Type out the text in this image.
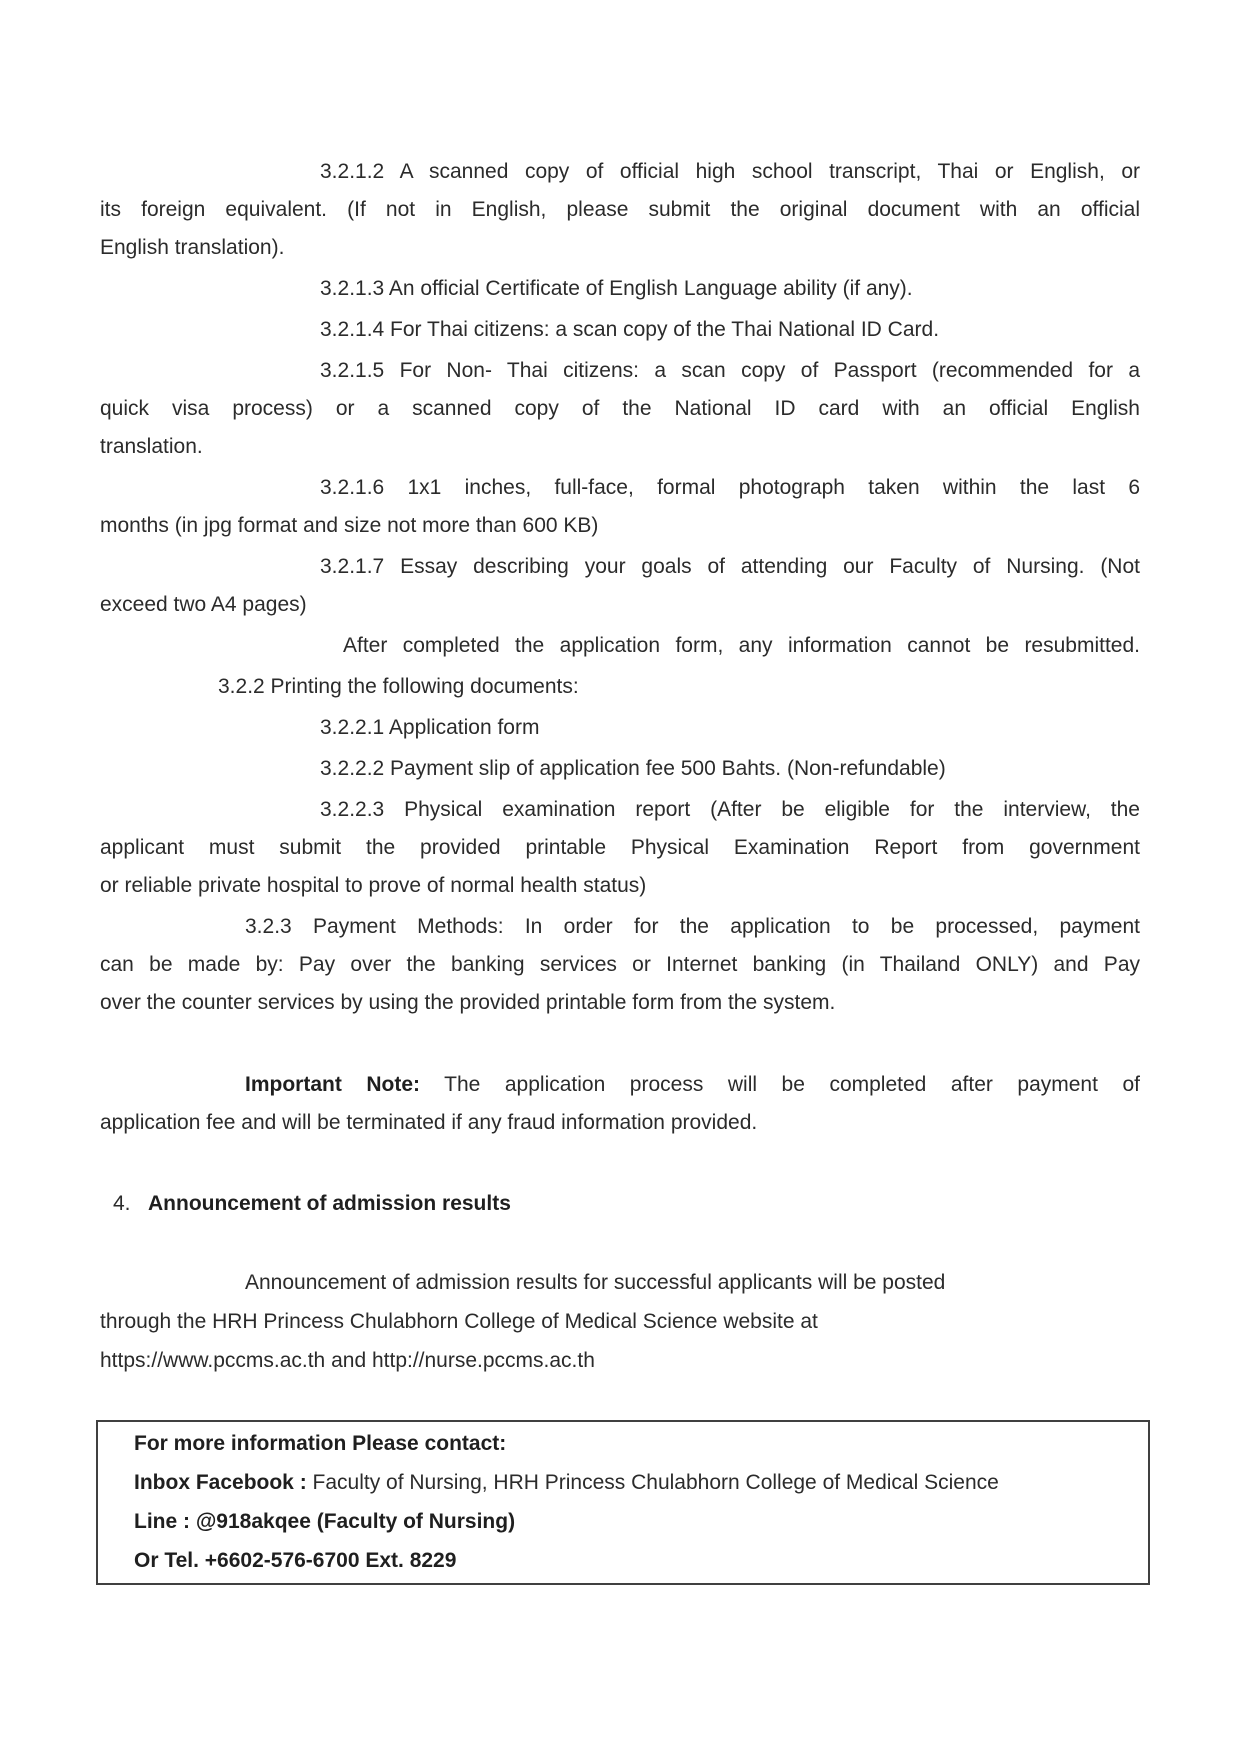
3.2.1.2 A scanned copy of official high school transcript, Thai or English, or
its foreign equivalent. (If not in English, please submit the original document with an official
English translation).
3.2.1.3 An official Certificate of English Language ability (if any).
3.2.1.4 For Thai citizens: a scan copy of the Thai National ID Card.
3.2.1.5 For Non- Thai citizens: a scan copy of Passport (recommended for a
quick visa process) or a scanned copy of the National ID card with an official English
translation.
3.2.1.6 1x1 inches, full-face, formal photograph taken within the last 6
months (in jpg format and size not more than 600 KB)
3.2.1.7 Essay describing your goals of attending our Faculty of Nursing. (Not
exceed two A4 pages)
After completed the application form, any information cannot be resubmitted.
3.2.2 Printing the following documents:
3.2.2.1 Application form
3.2.2.2 Payment slip of application fee 500 Bahts. (Non-refundable)
3.2.2.3 Physical examination report (After be eligible for the interview, the
applicant must submit the provided printable Physical Examination Report from government
or reliable private hospital to prove of normal health status)
3.2.3 Payment Methods: In order for the application to be processed, payment
can be made by: Pay over the banking services or Internet banking (in Thailand ONLY) and Pay
over the counter services by using the provided printable form from the system.
Important Note: The application process will be completed after payment of
application fee and will be terminated if any fraud information provided.
4. Announcement of admission results
Announcement of admission results for successful applicants will be posted
through the HRH Princess Chulabhorn College of Medical Science website at
https://www.pccms.ac.th and http://nurse.pccms.ac.th
For more information Please contact:
Inbox Facebook : Faculty of Nursing, HRH Princess Chulabhorn College of Medical Science
Line : @918akqee (Faculty of Nursing)
Or Tel. +6602-576-6700 Ext. 8229
